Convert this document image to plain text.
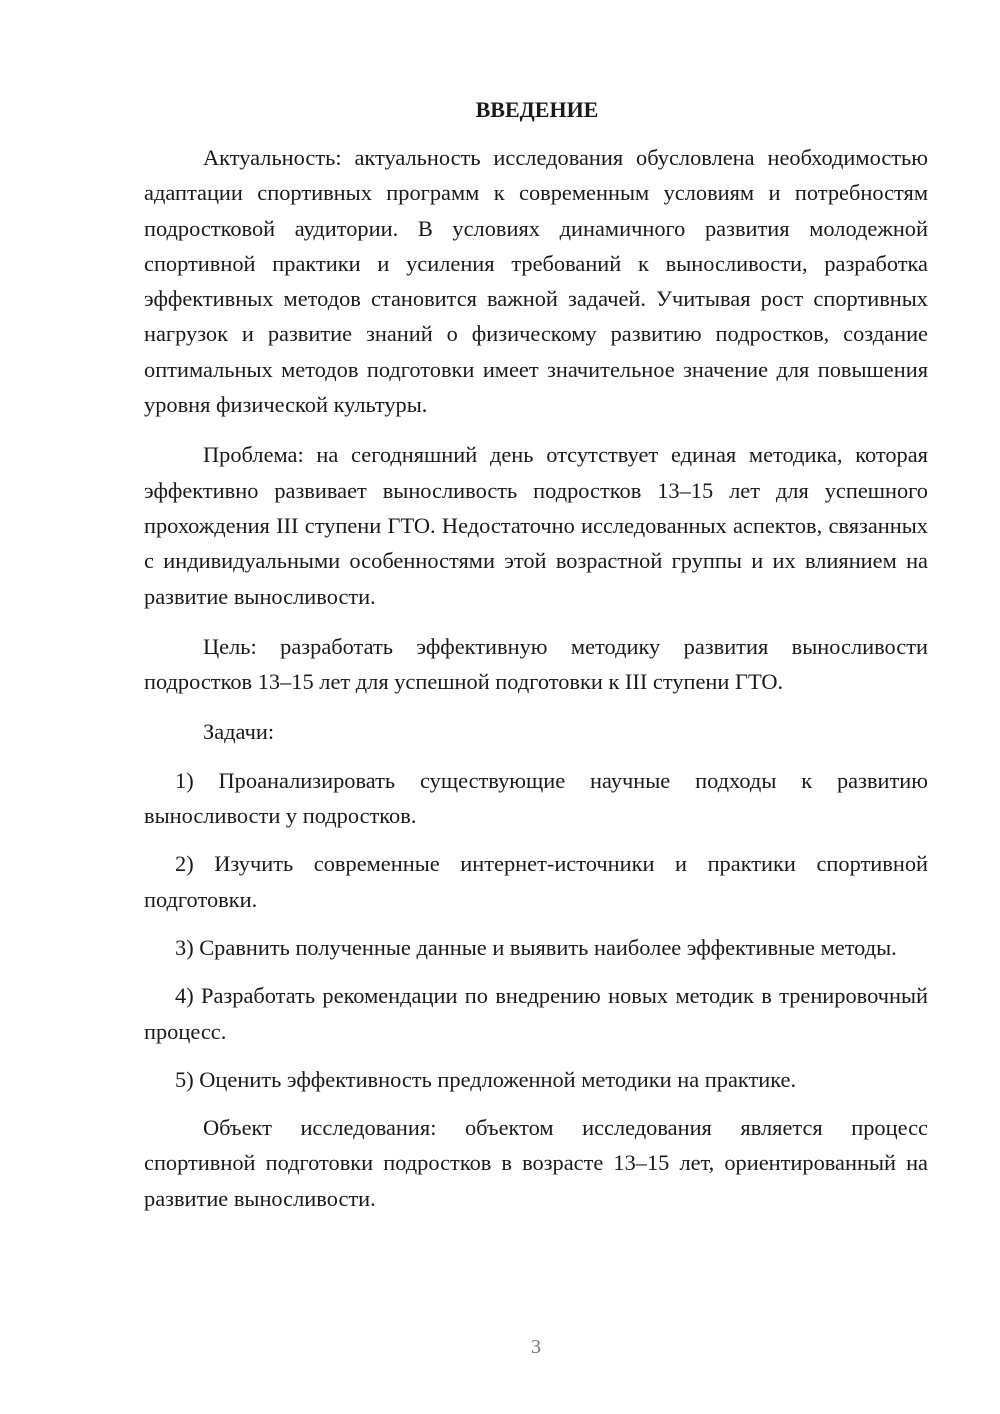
ВВЕДЕНИЕ

Актуальность: актуальность исследования обусловлена необходимостью адаптации спортивных программ к современным условиям и потребностям подростковой аудитории. В условиях динамичного развития молодежной спортивной практики и усиления требований к выносливости, разработка эффективных методов становится важной задачей. Учитывая рост спортивных нагрузок и развитие знаний о физическому развитию подростков, создание оптимальных методов подготовки имеет значительное значение для повышения уровня физической культуры.

Проблема: на сегодняшний день отсутствует единая методика, которая эффективно развивает выносливость подростков 13–15 лет для успешного прохождения III ступени ГТО. Недостаточно исследованных аспектов, связанных с индивидуальными особенностями этой возрастной группы и их влиянием на развитие выносливости.

Цель: разработать эффективную методику развития выносливости подростков 13–15 лет для успешной подготовки к III ступени ГТО.

Задачи:

1) Проанализировать существующие научные подходы к развитию выносливости у подростков.

2) Изучить современные интернет-источники и практики спортивной подготовки.

3) Сравнить полученные данные и выявить наиболее эффективные методы.

4) Разработать рекомендации по внедрению новых методик в тренировочный процесс.

5) Оценить эффективность предложенной методики на практике.

Объект исследования: объектом исследования является процесс спортивной подготовки подростков в возрасте 13–15 лет, ориентированный на развитие выносливости.

3
